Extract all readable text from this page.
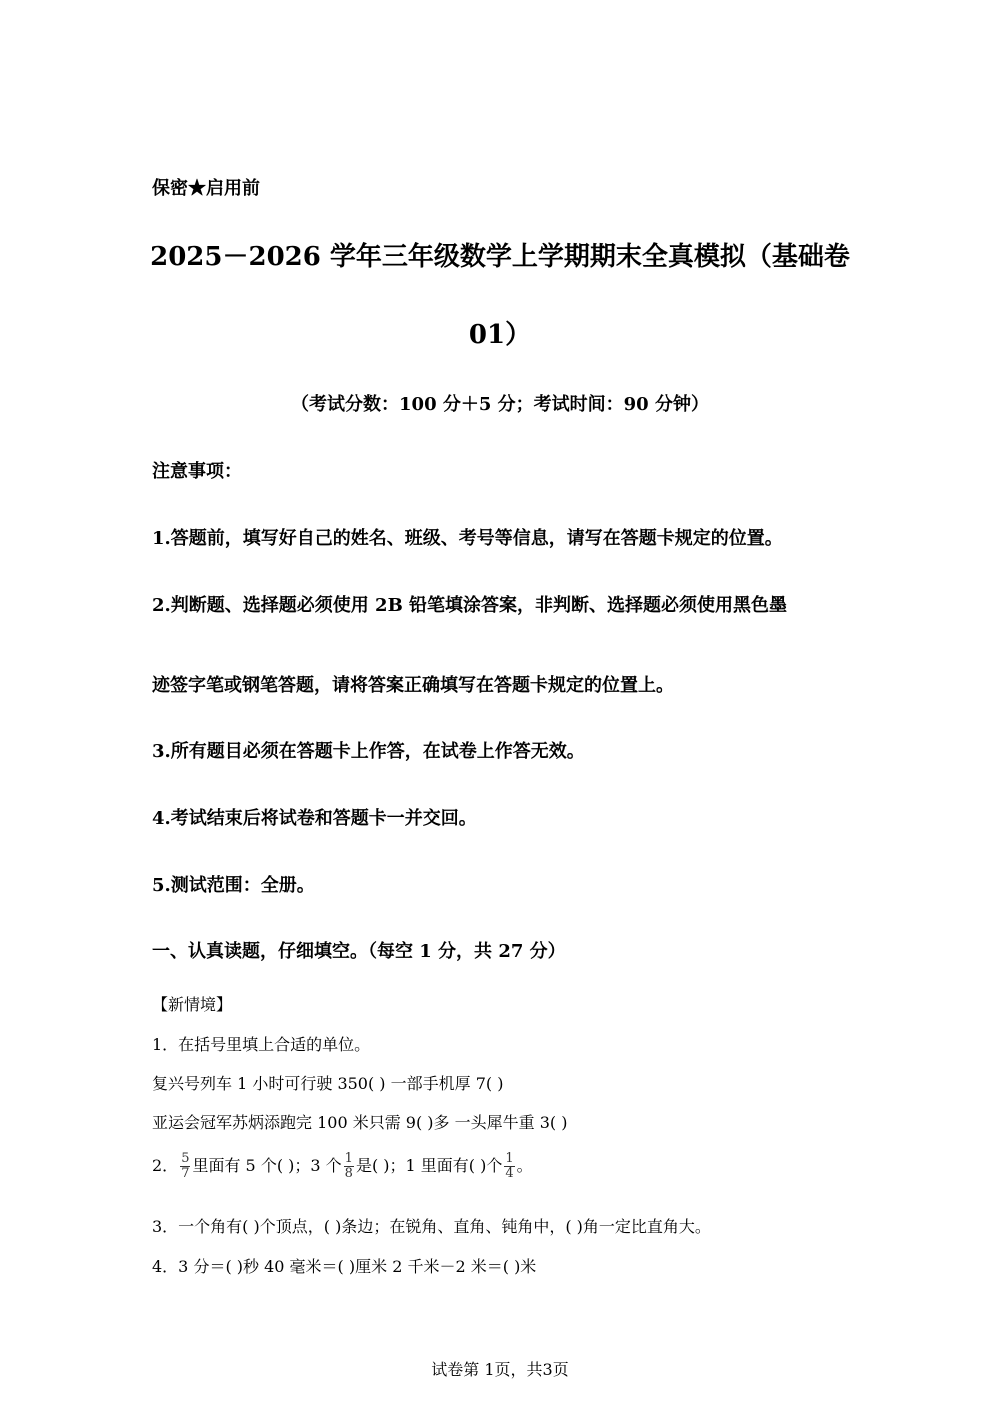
保密★启用前
2025－2026 学年三年级数学上学期期末全真模拟（基础卷
01）
（考试分数：100 分＋5 分；考试时间：90 分钟）
注意事项：
1.答题前，填写好自己的姓名、班级、考号等信息，请写在答题卡规定的位置。
2.判断题、选择题必须使用 2B 铅笔填涂答案，非判断、选择题必须使用黑色墨
迹签字笔或钢笔答题，请将答案正确填写在答题卡规定的位置上。
3.所有题目必须在答题卡上作答，在试卷上作答无效。
4.考试结束后将试卷和答题卡一并交回。
5.测试范围：全册。
一、认真读题，仔细填空。（每空 1 分，共 27 分）
【新情境】
1．在括号里填上合适的单位。
复兴号列车 1 小时可行驶 350( ) 一部手机厚 7( )
亚运会冠军苏炳添跑完 100 米只需 9( )多 一头犀牛重 3( )
2． $\frac{5}{7}$ 里面有 5 个( )；3 个 $\frac{1}{8}$ 是( )；1 里面有( )个 $\frac{1}{4}$ 。
3．一个角有( )个顶点，( )条边；在锐角、直角、钝角中，( )角一定比直角大。
4．3 分＝( )秒 40 毫米＝( )厘米 2 千米－2 米＝( )米
试卷第 1页，共3页
